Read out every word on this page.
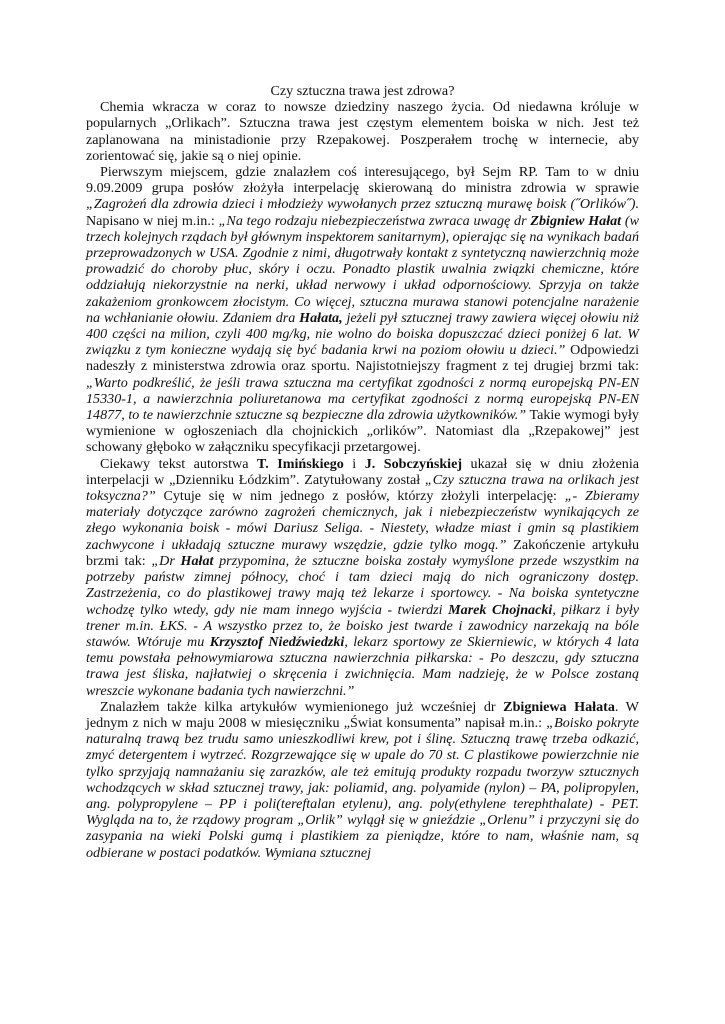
Czy sztuczna trawa jest zdrowa?

Chemia wkracza w coraz to nowsze dziedziny naszego życia. Od niedawna króluje w popularnych „Orlikach”. Sztuczna trawa jest częstym elementem boiska w nich. Jest też zaplanowana na ministadionie przy Rzepakowej. Poszperałem trochę w internecie, aby zorientować się, jakie są o niej opinie.

Pierwszym miejscem, gdzie znalazłem coś interesującego, był Sejm RP. Tam to w dniu 9.09.2009 grupa posłów złożyła interpelację skierowaną do ministra zdrowia w sprawie „Zagrożeń dla zdrowia dzieci i młodzieży wywołanych przez sztuczną murawę boisk (˝Orlików˝). Napisano w niej m.in.: „Na tego rodzaju niebezpieczeństwa zwraca uwagę dr Zbigniew Hałat (w trzech kolejnych rządach był głównym inspektorem sanitarnym), opierając się na wynikach badań przeprowadzonych w USA. Zgodnie z nimi, długotrwały kontakt z syntetyczną nawierzchnią może prowadzić do choroby płuc, skóry i oczu. Ponadto plastik uwalnia związki chemiczne, które oddziałują niekorzystnie na nerki, układ nerwowy i układ odpornościowy. Sprzyja on także zakażeniom gronkowcem złocistym. Co więcej, sztuczna murawa stanowi potencjalne narażenie na wchłanianie ołowiu. Zdaniem dra Hałata, jeżeli pył sztucznej trawy zawiera więcej ołowiu niż 400 części na milion, czyli 400 mg/kg, nie wolno do boiska dopuszczać dzieci poniżej 6 lat. W związku z tym konieczne wydają się być badania krwi na poziom ołowiu u dzieci.” Odpowiedzi nadeszły z ministerstwa zdrowia oraz sportu. Najistotniejszy fragment z tej drugiej brzmi tak: „Warto podkreślić, że jeśli trawa sztuczna ma certyfikat zgodności z normą europejską PN-EN 15330-1, a nawierzchnia poliuretanowa ma certyfikat zgodności z normą europejską PN-EN 14877, to te nawierzchnie sztuczne są bezpieczne dla zdrowia użytkowników.” Takie wymogi były wymienione w ogłoszeniach dla chojnickich „orlików”. Natomiast dla „Rzepakowej” jest schowany głęboko w załączniku specyfikacji przetargowej.

Ciekawy tekst autorstwa T. Imińskiego i J. Sobczyńskiej ukazał się w dniu złożenia interpelacji w „Dzienniku Łódzkim”. Zatytułowany został „Czy sztuczna trawa na orlikach jest toksyczna?” Cytuje się w nim jednego z posłów, którzy złożyli interpelację: „- Zbieramy materiały dotyczące zarówno zagrożeń chemicznych, jak i niebezpieczeństw wynikających ze złego wykonania boisk - mówi Dariusz Seliga. - Niestety, władze miast i gmin są plastikiem zachwycone i układają sztuczne murawy wszędzie, gdzie tylko mogą.” Zakończenie artykułu brzmi tak: „Dr Hałat przypomina, że sztuczne boiska zostały wymyślone przede wszystkim na potrzeby państw zimnej północy, choć i tam dzieci mają do nich ograniczony dostęp. Zastrzeżenia, co do plastikowej trawy mają też lekarze i sportowcy. - Na boiska syntetyczne wchodzę tylko wtedy, gdy nie mam innego wyjścia - twierdzi Marek Chojnacki, piłkarz i były trener m.in. ŁKS. - A wszystko przez to, że boisko jest twarde i zawodnicy narzekają na bóle stawów. Wtóruje mu Krzysztof Niedźwiedzki, lekarz sportowy ze Skierniewic, w których 4 lata temu powstała pełnowymiarowa sztuczna nawierzchnia piłkarska: - Po deszczu, gdy sztuczna trawa jest śliska, najłatwiej o skręcenia i zwichnięcia. Mam nadzieję, że w Polsce zostaną wreszcie wykonane badania tych nawierzchni.”

Znalazłem także kilka artykułów wymienionego już wcześniej dr Zbigniewa Hałata. W jednym z nich w maju 2008 w miesięczniku „Świat konsumenta” napisał m.in.: „Boisko pokryte naturalną trawą bez trudu samo unieszkodliwi krew, pot i ślinę. Sztuczną trawę trzeba odkazić, zmyć detergentem i wytrzeć. Rozgrzewające się w upale do 70 st. C plastikowe powierzchnie nie tylko sprzyjają namnażaniu się zarazków, ale też emitują produkty rozpadu tworzyw sztucznych wchodzących w skład sztucznej trawy, jak: poliamid, ang. polyamide (nylon) – PA, polipropylen, ang. polypropylene – PP i poli(tereftalan etylenu), ang. poly(ethylene terephthalate) - PET. Wygląda na to, że rządowy program „Orlik” wylągł się w gnieździe „Orlenu” i przyczyni się do zasypania na wieki Polski gumą i plastikiem za pieniądze, które to nam, właśnie nam, są odbierane w postaci podatków. Wymiana sztucznej
